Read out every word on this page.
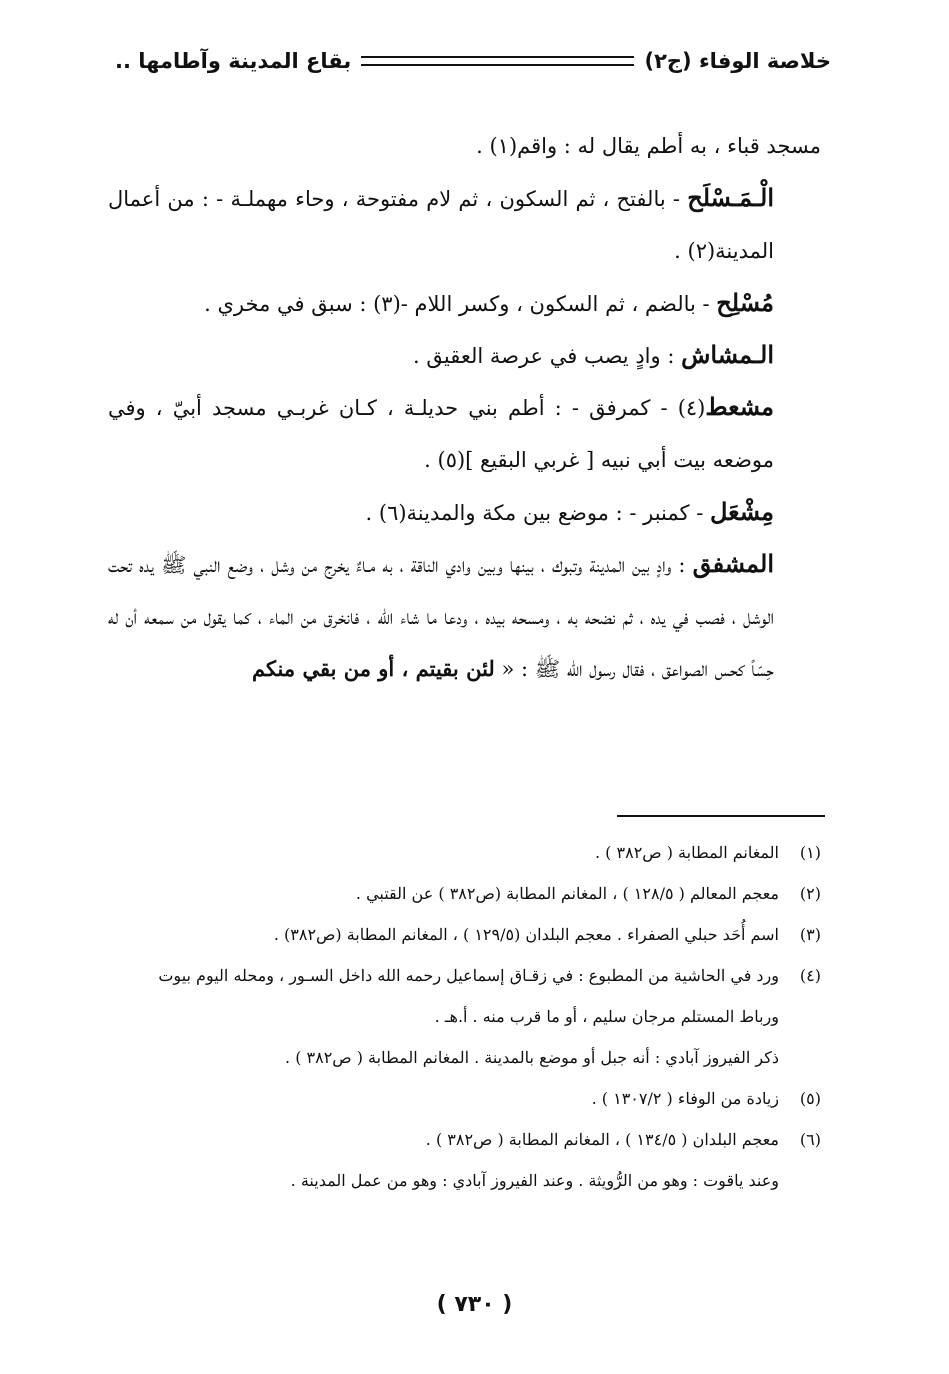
خلاصة الوفاء (ج٢)
بقاع المدينة وآطامها ..

مسجد قباء ، به أطم يقال له : واقم(١) .

الْـمَـسْلَح - بالفتح ، ثم السكون ، ثم لام مفتوحة ، وحاء مهملـة - : من أعمال المدينة(٢) .

مُسْلِح - بالضم ، ثم السكون ، وكسر اللام -(٣) : سبق في مخري .

الـمشاش : وادٍ يصب في عرصة العقيق .

مشعط(٤) - كمرفق - : أطم بني حديلـة ، كـان غربـي مسجد أبيّ ، وفي موضعه بيت أبي نبيه [ غربي البقيع ](٥) .

مِشْعَل - كمنبر - : موضع بين مكة والمدينة(٦) .

المشفق : وادٍ بين المدينة وتبوك ، بينها وبين وادي الناقة ، به مـاءٌ يخرج من وشل ، وضع النبي ﷺ يده تحت الوشل ، فصب في يده ، ثم نضحه به ، ومسحه بيده ، ودعا ما شاء الله ، فانخرق من الماء ، كما يقول من سمعه أن له حِسّاً كحس الصواعق ، فقال رسول الله ﷺ : « لئن بقيتم ، أو من بقي منكم

(١)المغانم المطابة ( ص٣٨٢ ) .

(٢)معجم المعالم ( ١٢٨/٥ ) ، المغانم المطابة (ص٣٨٢ ) عن القتبي .

(٣)اسم أُحَد حبلي الصفراء . معجم البلدان (١٢٩/٥ ) ، المغانم المطابة (ص٣٨٢) .

(٤)ورد في الحاشية من المطبوع : في زقـاق إسماعيل رحمه الله داخل السـور ، ومحله اليوم بيوت

ورباط المستلم مرجان سليم ، أو ما قرب منه . أ.هـ .

ذكر الفيروز آبادي : أنه جبل أو موضع بالمدينة . المغانم المطابة ( ص٣٨٢ ) .

(٥)زيادة من الوفاء ( ١٣٠٧/٢ ) .

(٦)معجم البلدان ( ١٣٤/٥ ) ، المغانم المطابة ( ص٣٨٢ ) .

وعند ياقوت : وهو من الرُّويثة . وعند الفيروز آبادي : وهو من عمل المدينة .

( ٧٣٠ )
